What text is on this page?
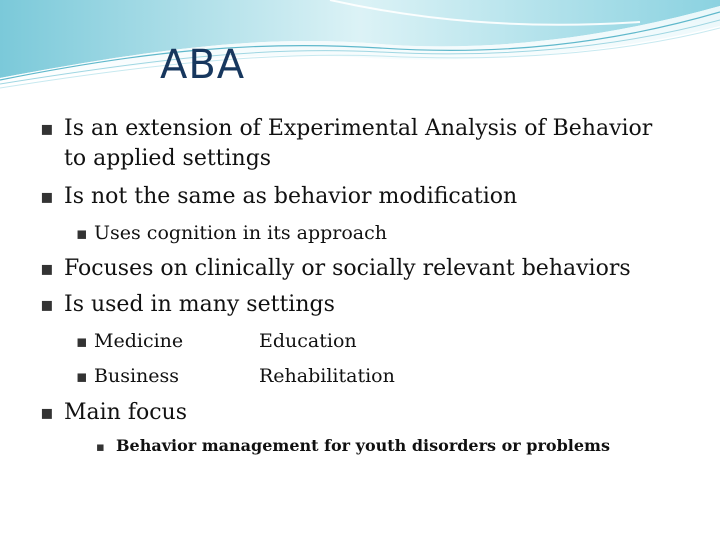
ABA
▪ Is an extension of Experimental Analysis of Behavior
to applied settings
▪ Is not the same as behavior modification
▪ Uses cognition in its approach
▪ Focuses on clinically or socially relevant behaviors
▪ Is used in many settings
▪ Medicine	Education
▪ Business	Rehabilitation
▪ Main focus
▪ Behavior management for youth disorders or problems
